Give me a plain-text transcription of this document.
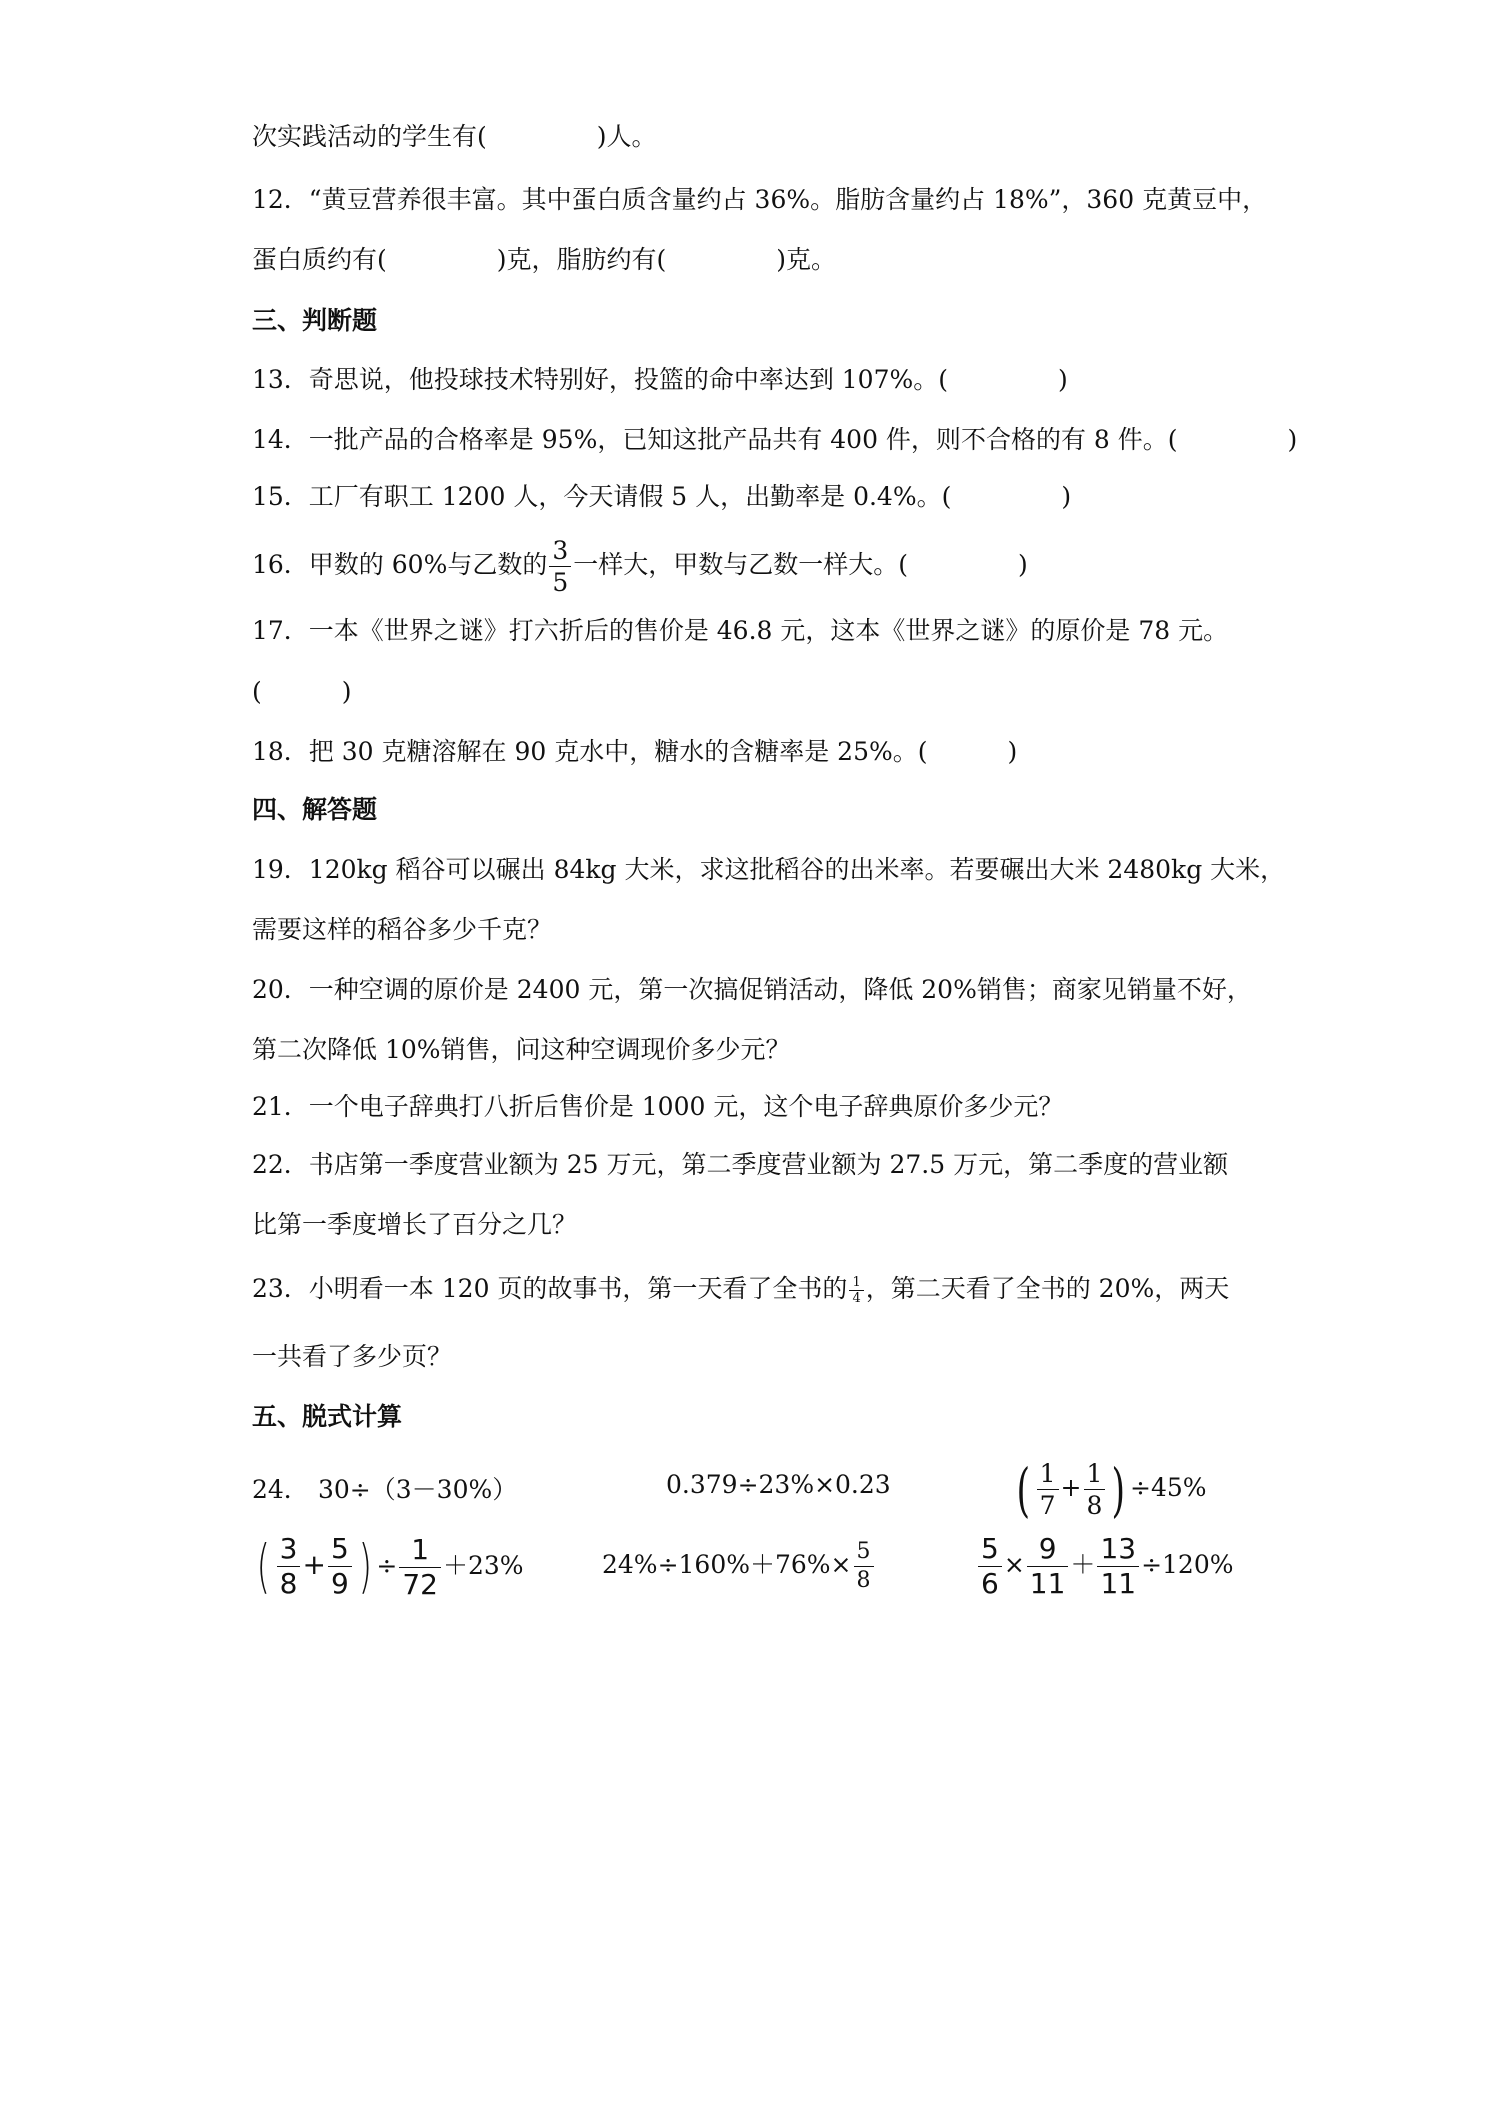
次实践活动的学生有(	)人。
12．“黄豆营养很丰富。其中蛋白质含量约占 36%。脂肪含量约占 18%”，360 克黄豆中，
蛋白质约有(	)克，脂肪约有(	)克。
三、判断题
13．奇思说，他投球技术特别好，投篮的命中率达到 107%。(	)
14．一批产品的合格率是 95%，已知这批产品共有 400 件，则不合格的有 8 件。(	)
15．工厂有职工 1200 人，今天请假 5 人，出勤率是 0.4%。(	)
16．甲数的 60%与乙数的 $\frac{3}{5}$ 一样大，甲数与乙数一样大。(	)
17．一本《世界之谜》打六折后的售价是 46.8 元，这本《世界之谜》的原价是 78 元。
(	)
18．把 30 克糖溶解在 90 克水中，糖水的含糖率是 25%。(	)
四、解答题
19．120kg 稻谷可以碾出 84kg 大米，求这批稻谷的出米率。若要碾出大米 2480kg 大米，
需要这样的稻谷多少千克？
20．一种空调的原价是 2400 元，第一次搞促销活动，降低 20%销售；商家见销量不好，
第二次降低 10%销售，问这种空调现价多少元？
21．一个电子辞典打八折后售价是 1000 元，这个电子辞典原价多少元？
22．书店第一季度营业额为 25 万元，第二季度营业额为 27.5 万元，第二季度的营业额
比第一季度增长了百分之几？
23．小明看一本 120 页的故事书，第一天看了全书的 $\frac{1}{4}$ ，第二天看了全书的 20%，两天
一共看了多少页？
五、脱式计算
24． 30÷（3－30%）	0.379÷23%×0.23 ( $\frac{1}{7} + \frac{1}{8}$ ) ÷45%
( $\frac{3}{8} + \frac{5}{9}$ ) ÷ $\frac{1}{72} +23\%$	$24\%\div 160\%+76\%\times \frac{5}{8}$	$\frac{5}{6} \times \frac{9}{11} + \frac{13}{11} \div 120\%$
